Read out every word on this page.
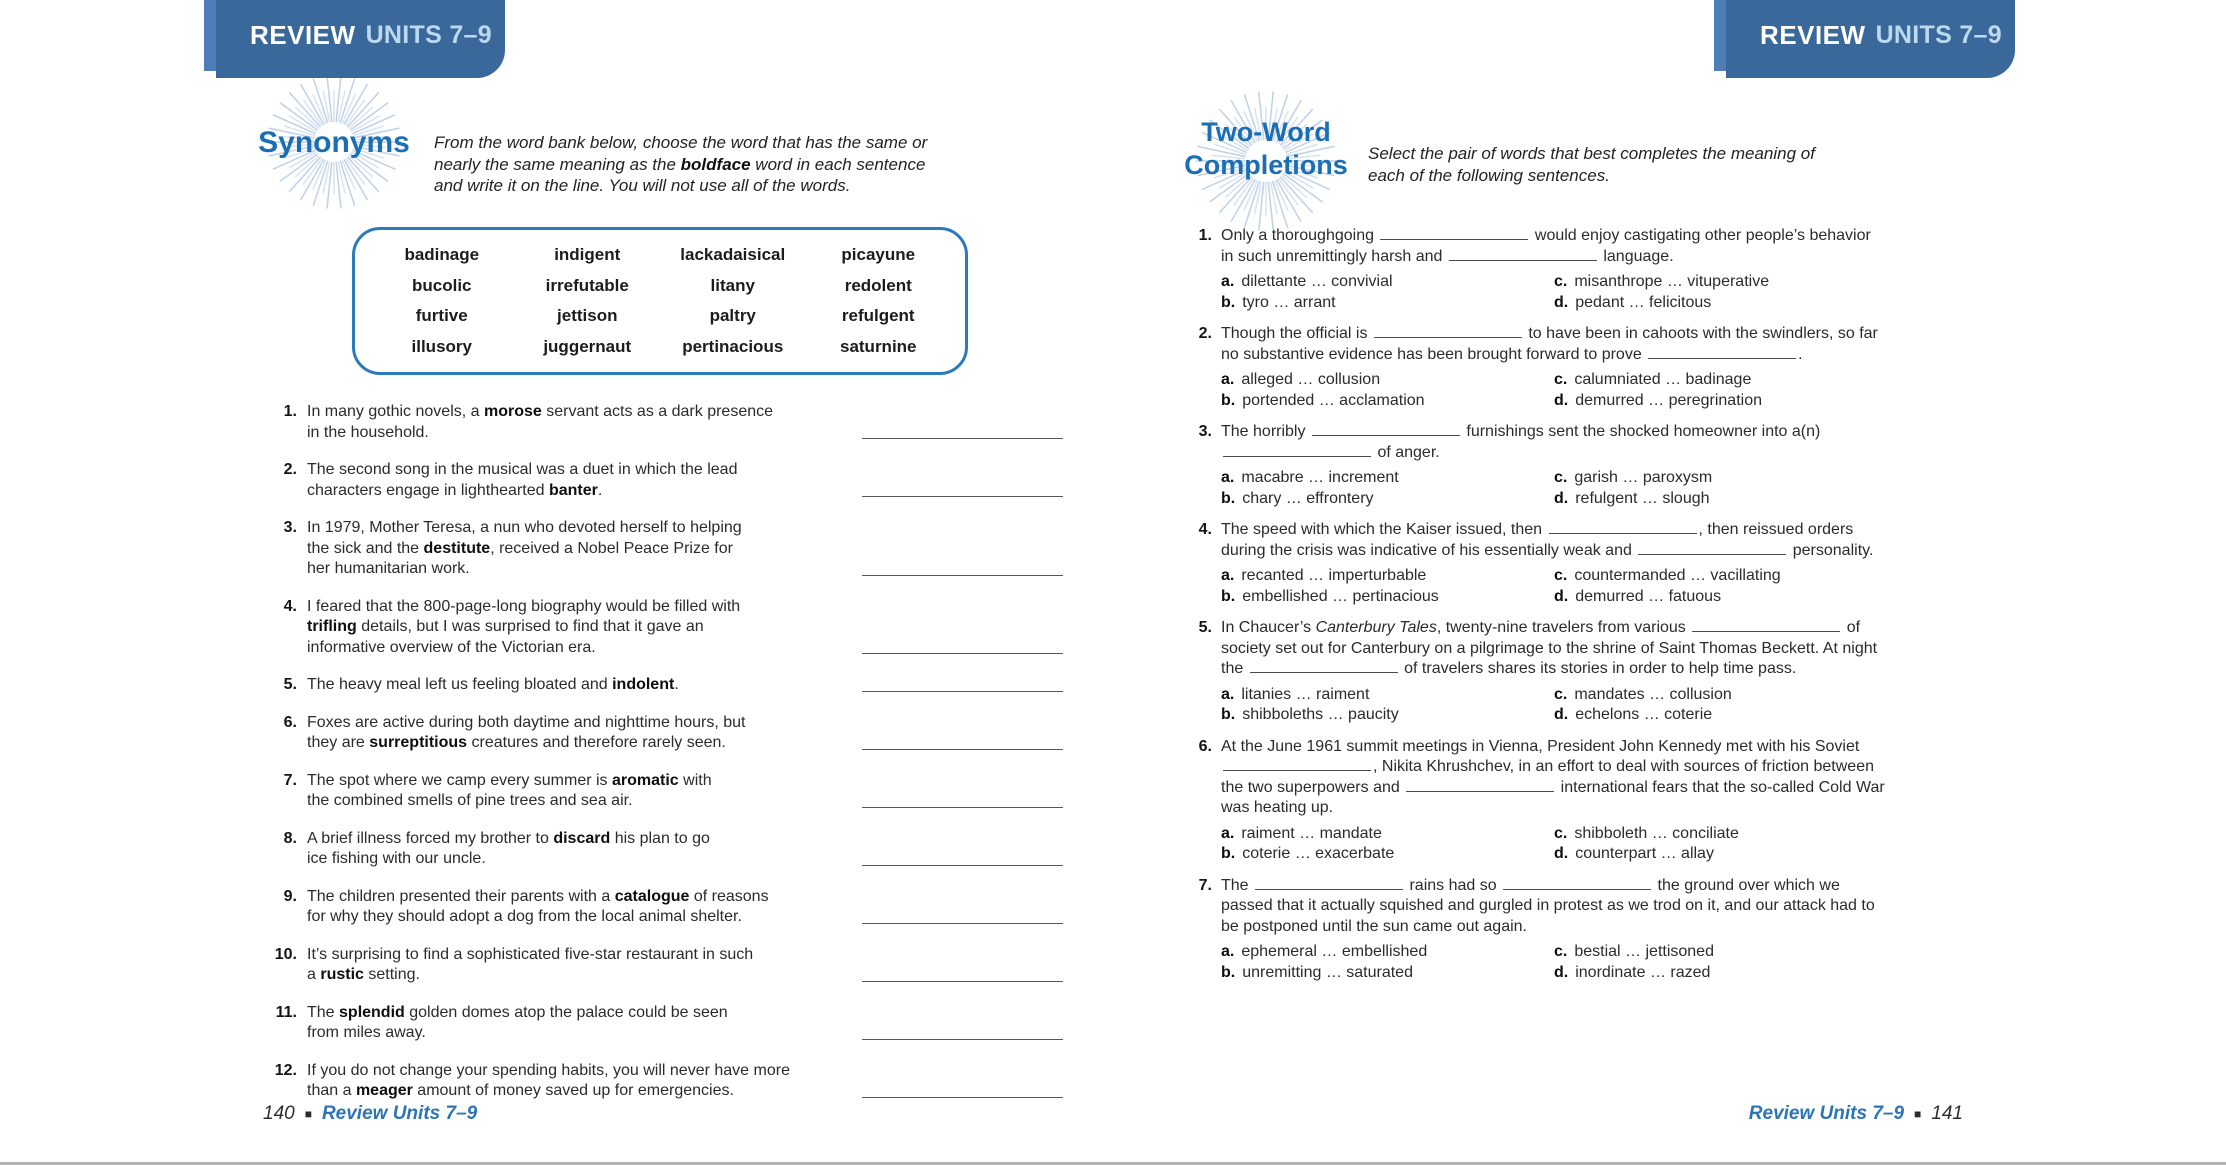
REVIEW UNITS 7–9
Synonyms From the word bank below, choose the word that has the same or
nearly the same meaning as the boldface word in each sentence
and write it on the line. You will not use all of the words.

badinage	indigent	lackadaisical	picayune
bucolic	irrefutable	litany	redolent
furtive	jettison	paltry	refulgent
illusory	juggernaut	pertinacious	saturnine
1. In many gothic novels, a morose servant acts as a dark presence
in the household.
2. The second song in the musical was a duet in which the lead
characters engage in lighthearted banter.
3. In 1979, Mother Teresa, a nun who devoted herself to helping
the sick and the destitute, received a Nobel Peace Prize for
her humanitarian work.
4. I feared that the 800-page-long biography would be filled with
trifling details, but I was surprised to find that it gave an
informative overview of the Victorian era.
5. The heavy meal left us feeling bloated and indolent.
6. Foxes are active during both daytime and nighttime hours, but
they are surreptitious creatures and therefore rarely seen.
7. The spot where we camp every summer is aromatic with
the combined smells of pine trees and sea air.
8. A brief illness forced my brother to discard his plan to go
ice fishing with our uncle.
9. The children presented their parents with a catalogue of reasons
for why they should adopt a dog from the local animal shelter.
10. It’s surprising to find a sophisticated five-star restaurant in such
a rustic setting.
11. The splendid golden domes atop the palace could be seen
from miles away.
12. If you do not change your spending habits, you will never have more
than a meager amount of money saved up for emergencies.
140 ■ Review Units 7–9
REVIEW UNITS 7–9
Two-Word
Completions Select the pair of words that best completes the meaning of
each of the following sentences.

1. Only a thoroughgoing	would enjoy castigating other people’s behavior
in such unremittingly harsh and	language.
a. dilettante … convivial
b. tyro … arrant
c. misanthrope … vituperative
d. pedant … felicitous
2. Though the official is	to have been in cahoots with the swindlers, so far
no substantive evidence has been brought forward to prove	.
a. alleged … collusion
b. portended … acclamation
c. calumniated … badinage
d. demurred … peregrination
3. The horribly	furnishings sent the shocked homeowner into a(n)
of anger.
a. macabre … increment
b. chary … effrontery
c. garish … paroxysm
d. refulgent … slough
4. The speed with which the Kaiser issued, then	, then reissued orders
during the crisis was indicative of his essentially weak and	personality.
a. recanted … imperturbable
b. embellished … pertinacious
c. countermanded … vacillating
d. demurred … fatuous
5. In Chaucer’s Canterbury Tales, twenty-nine travelers from various	of
society set out for Canterbury on a pilgrimage to the shrine of Saint Thomas Beckett. At night
the	of travelers shares its stories in order to help time pass.
a. litanies … raiment
b. shibboleths … paucity
c. mandates … collusion
d. echelons … coterie
6. At the June 1961 summit meetings in Vienna, President John Kennedy met with his Soviet
, Nikita Khrushchev, in an effort to deal with sources of friction between
the two superpowers and	international fears that the so-called Cold War
was heating up.
a. raiment … mandate
b. coterie … exacerbate
c. shibboleth … conciliate
d. counterpart … allay
7. The	rains had so	the ground over which we
passed that it actually squished and gurgled in protest as we trod on it, and our attack had to
be postponed until the sun came out again.
a. ephemeral … embellished
b. unremitting … saturated
c. bestial … jettisoned
d. inordinate … razed
Review Units 7–9 ■ 141
